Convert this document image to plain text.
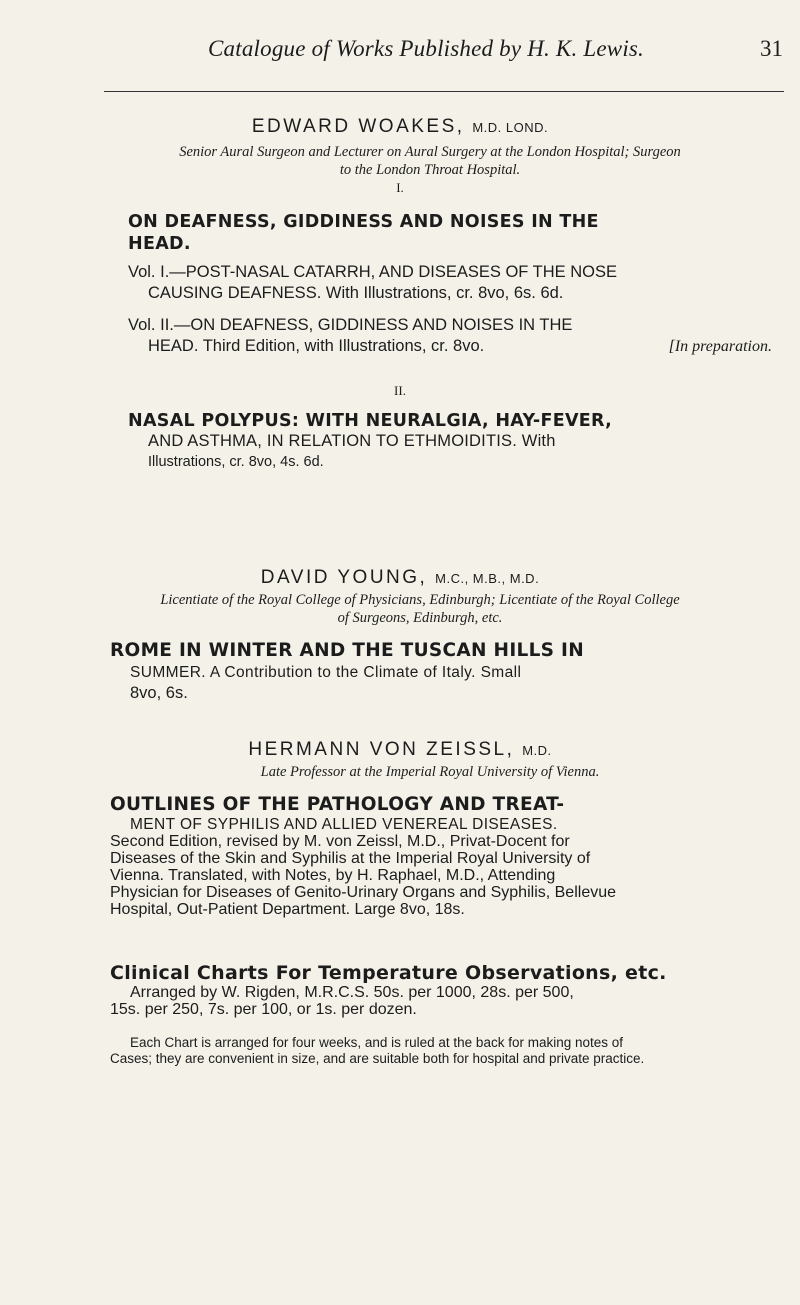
Catalogue of Works Published by H. K. Lewis.	31
EDWARD WOAKES, M.D. LOND.
Senior Aural Surgeon and Lecturer on Aural Surgery at the London Hospital; Surgeon
to the London Throat Hospital.
I.
ON DEAFNESS, GIDDINESS AND NOISES IN THE
HEAD.
Vol. I.—POST-NASAL CATARRH, AND DISEASES OF THE NOSE
CAUSING DEAFNESS. With Illustrations, cr. 8vo, 6s. 6d.
Vol. II.—ON DEAFNESS, GIDDINESS AND NOISES IN THE
HEAD. Third Edition, with Illustrations, cr. 8vo.	[In preparation.
II.
NASAL POLYPUS: WITH NEURALGIA, HAY-FEVER,
AND ASTHMA, IN RELATION TO ETHMOIDITIS. With
Illustrations, cr. 8vo, 4s. 6d.
DAVID YOUNG, M.C., M.B., M.D.
Licentiate of the Royal College of Physicians, Edinburgh; Licentiate of the Royal College
of Surgeons, Edinburgh, etc.
ROME IN WINTER AND THE TUSCAN HILLS IN
SUMMER. A Contribution to the Climate of Italy. Small
8vo, 6s.
HERMANN VON ZEISSL, M.D.
Late Professor at the Imperial Royal University of Vienna.
OUTLINES OF THE PATHOLOGY AND TREAT-
MENT OF SYPHILIS AND ALLIED VENEREAL DISEASES.
Second Edition, revised by M. von Zeissl, M.D., Privat-Docent for
Diseases of the Skin and Syphilis at the Imperial Royal University of
Vienna. Translated, with Notes, by H. Raphael, M.D., Attending
Physician for Diseases of Genito-Urinary Organs and Syphilis, Bellevue
Hospital, Out-Patient Department. Large 8vo, 18s.
Clinical Charts For Temperature Observations, etc.
Arranged by W. Rigden, M.R.C.S. 50s. per 1000, 28s. per 500,
15s. per 250, 7s. per 100, or 1s. per dozen.
Each Chart is arranged for four weeks, and is ruled at the back for making notes of
Cases; they are convenient in size, and are suitable both for hospital and private practice.
